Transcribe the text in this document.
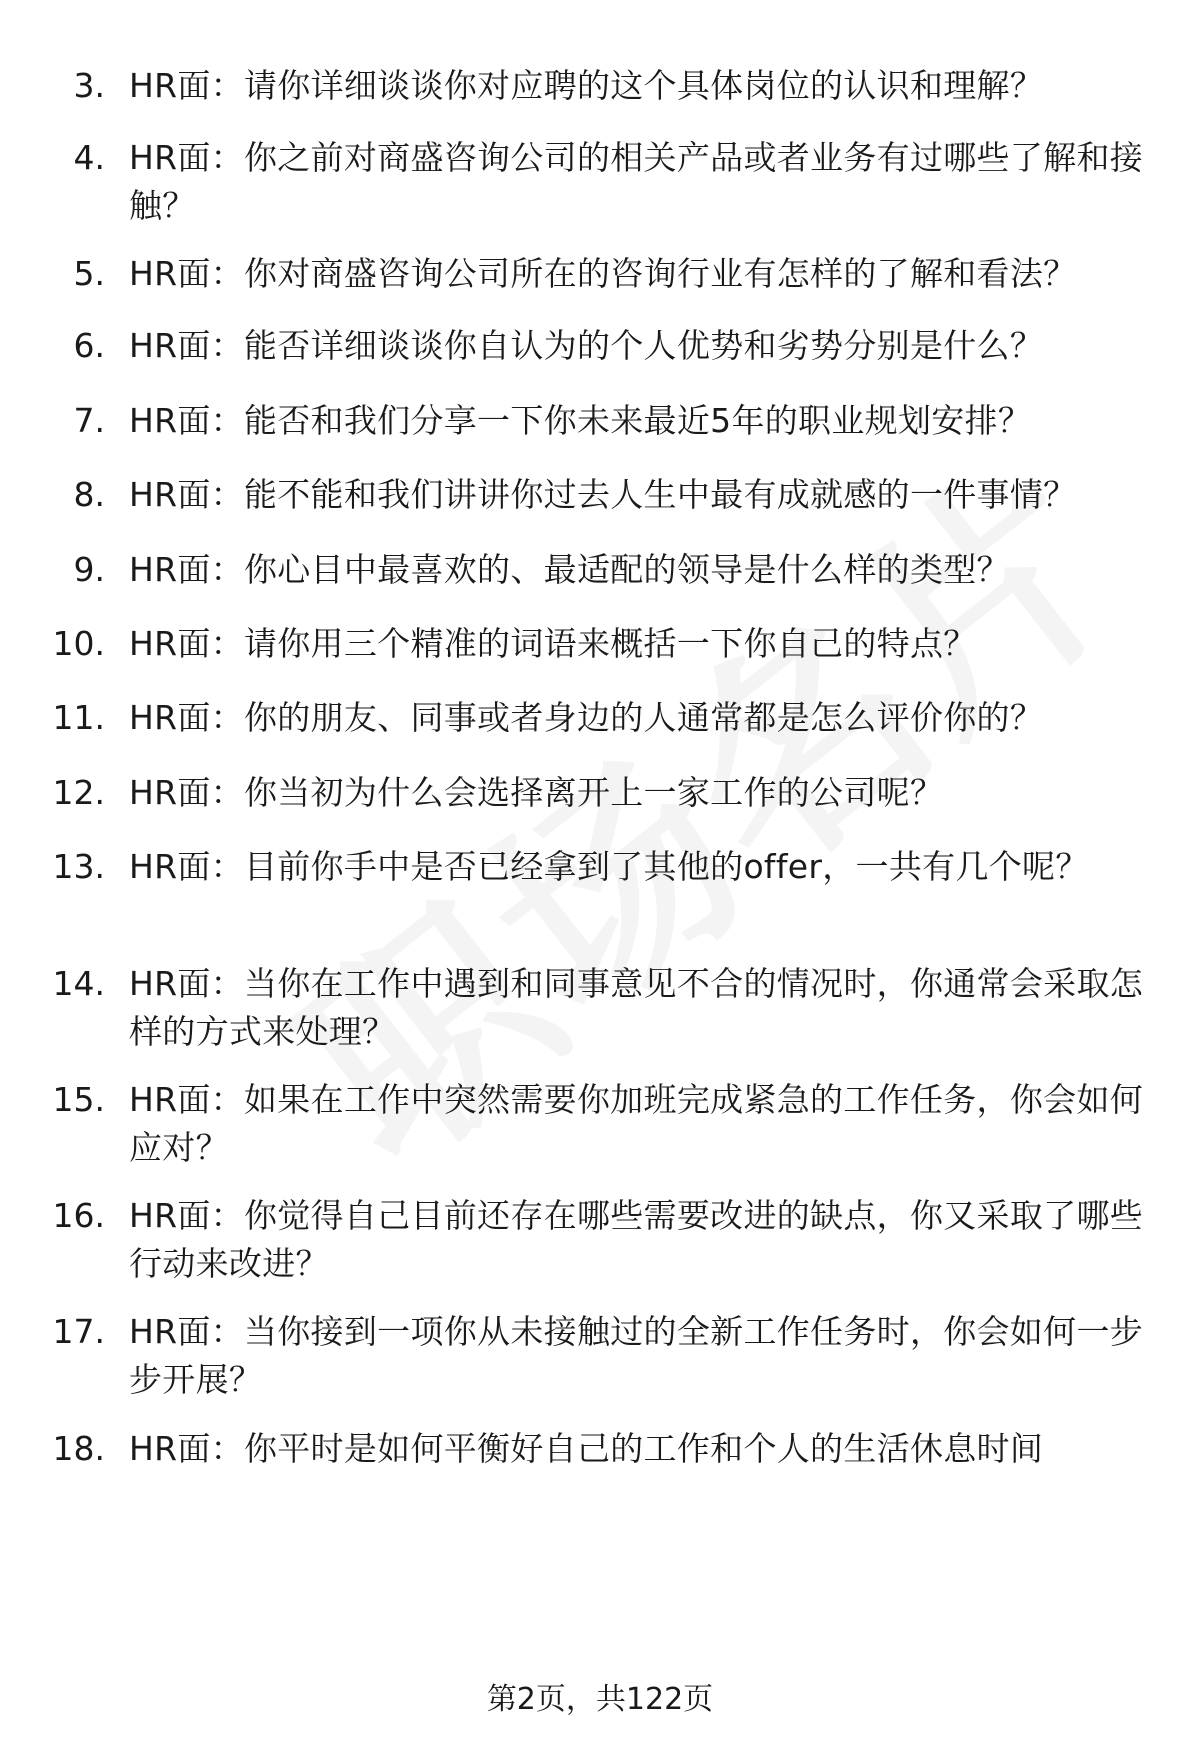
3. HR面：请你详细谈谈你对应聘的这个具体岗位的认识和理解？
4. HR面：你之前对商盛咨询公司的相关产品或者业务有过哪些了解和接触？
5. HR面：你对商盛咨询公司所在的咨询行业有怎样的了解和看法？
6. HR面：能否详细谈谈你自认为的个人优势和劣势分别是什么？
7. HR面：能否和我们分享一下你未来最近5年的职业规划安排？
8. HR面：能不能和我们讲讲你过去人生中最有成就感的一件事情？
9. HR面：你心目中最喜欢的、最适配的领导是什么样的类型？
10. HR面：请你用三个精准的词语来概括一下你自己的特点？
11. HR面：你的朋友、同事或者身边的人通常都是怎么评价你的？
12. HR面：你当初为什么会选择离开上一家工作的公司呢？
13. HR面：目前你手中是否已经拿到了其他的offer，一共有几个呢？
14. HR面：当你在工作中遇到和同事意见不合的情况时，你通常会采取怎样的方式来处理？
15. HR面：如果在工作中突然需要你加班完成紧急的工作任务，你会如何应对？
16. HR面：你觉得自己目前还存在哪些需要改进的缺点，你又采取了哪些行动来改进？
17. HR面：当你接到一项你从未接触过的全新工作任务时，你会如何一步步开展？
18. HR面：你平时是如何平衡好自己的工作和个人的生活休息时间
第2页，共122页
